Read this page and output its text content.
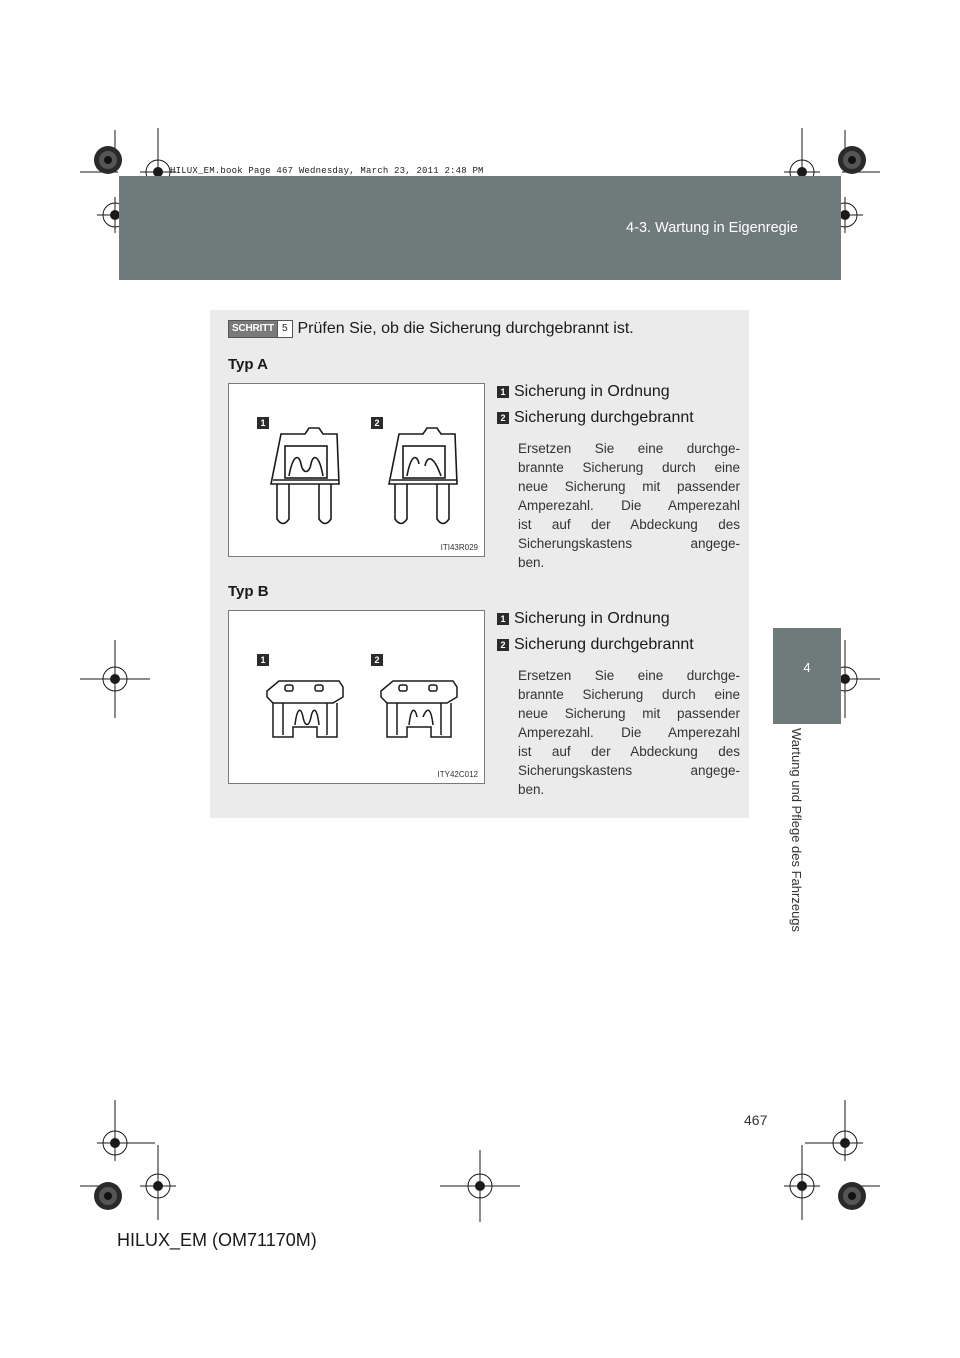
HILUX_EM.book Page 467 Wednesday, March 23, 2011 2:48 PM
4-3. Wartung in Eigenregie
4
Wartung und Pflege des Fahrzeugs
SCHRITT 5 Prüfen Sie, ob die Sicherung durchgebrannt ist.
Typ A
1	2
ITI43R029
1 Sicherung in Ordnung
2 Sicherung durchgebrannt
Ersetzen Sie eine durchge-
brannte Sicherung durch eine
neue Sicherung mit passender
Amperezahl. Die Amperezahl
ist auf der Abdeckung des
Sicherungskastens angege-
ben.
Typ B
1	2
ITY42C012
1 Sicherung in Ordnung
2 Sicherung durchgebrannt
Ersetzen Sie eine durchge-
brannte Sicherung durch eine
neue Sicherung mit passender
Amperezahl. Die Amperezahl
ist auf der Abdeckung des
Sicherungskastens angege-
ben.
467
HILUX_EM (OM71170M)
